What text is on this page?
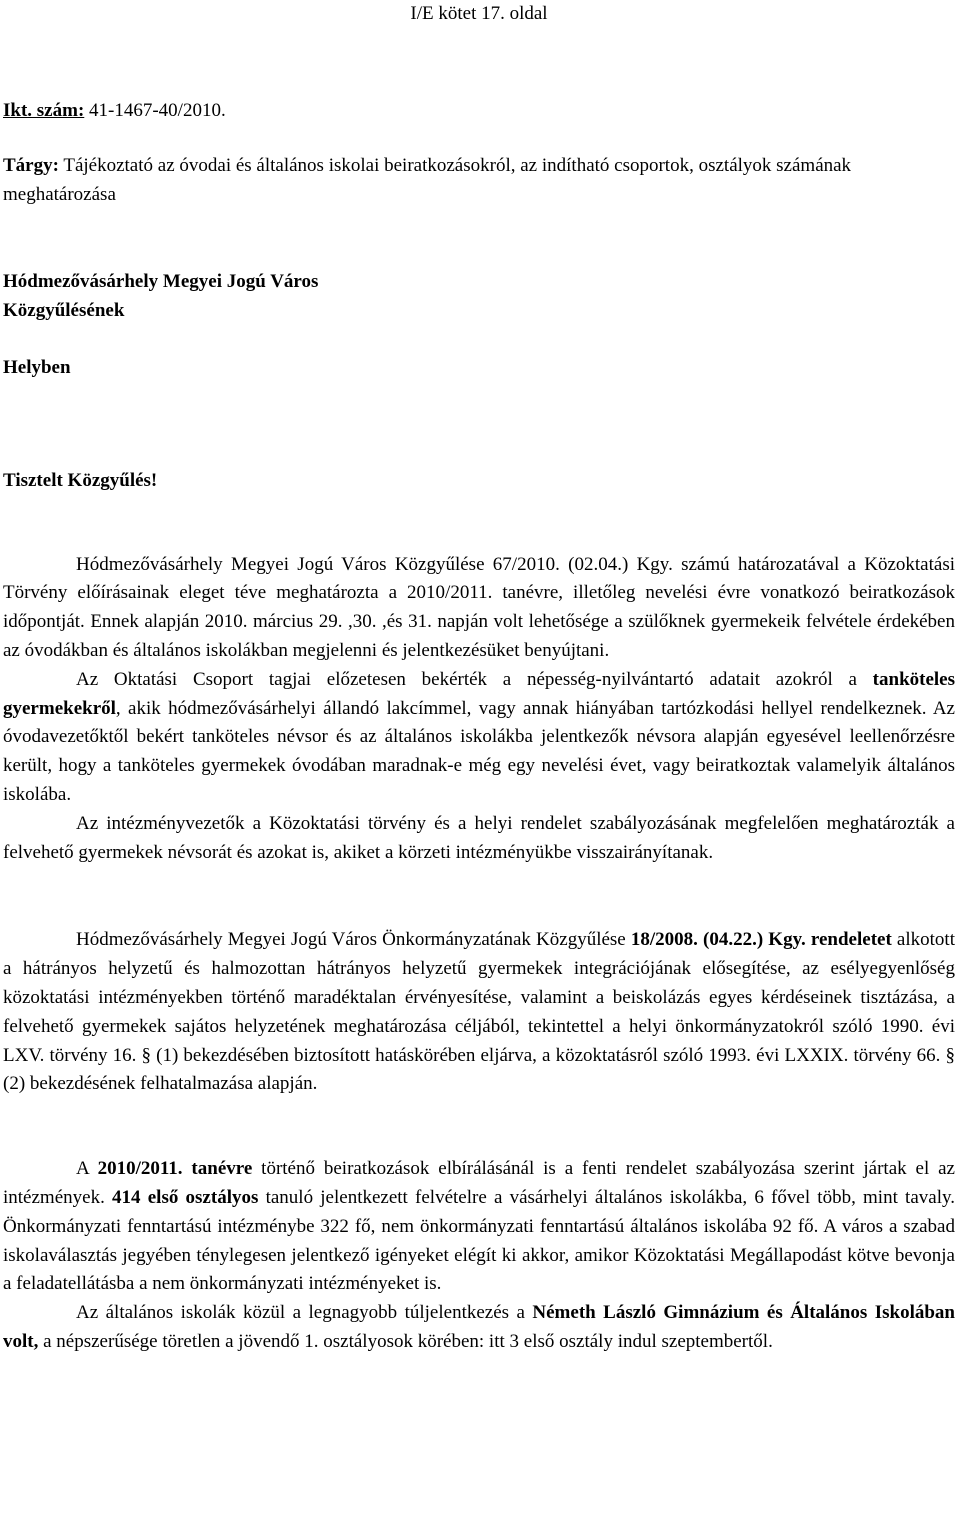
I/E kötet 17. oldal

Ikt. szám: 41-1467-40/2010.

Tárgy: Tájékoztató az óvodai és általános iskolai beiratkozásokról, az indítható csoportok, osztályok számának meghatározása

Hódmezővásárhely Megyei Jogú Város

Közgyűlésének

Helyben

Tisztelt Közgyűlés!

Hódmezővásárhely Megyei Jogú Város Közgyűlése 67/2010. (02.04.) Kgy. számú határozatával a Közoktatási Törvény előírásainak eleget téve meghatározta a 2010/2011. tanévre, illetőleg nevelési évre vonatkozó beiratkozások időpontját. Ennek alapján 2010. március 29. ,30. ,és 31. napján volt lehetősége a szülőknek gyermekeik felvétele érdekében az óvodákban és általános iskolákban megjelenni és jelentkezésüket benyújtani.

Az Oktatási Csoport tagjai előzetesen bekérték a népesség-nyilvántartó adatait azokról a tanköteles gyermekekről, akik hódmezővásárhelyi állandó lakcímmel, vagy annak hiányában tartózkodási hellyel rendelkeznek. Az óvodavezetőktől bekért tanköteles névsor és az általános iskolákba jelentkezők névsora alapján egyesével leellenőrzésre került, hogy a tanköteles gyermekek óvodában maradnak-e még egy nevelési évet, vagy beiratkoztak valamelyik általános iskolába.

Az intézményvezetők a Közoktatási törvény és a helyi rendelet szabályozásának megfelelően meghatározták a felvehető gyermekek névsorát és azokat is, akiket a körzeti intézményükbe visszairányítanak.

Hódmezővásárhely Megyei Jogú Város Önkormányzatának Közgyűlése 18/2008. (04.22.) Kgy. rendeletet alkotott a hátrányos helyzetű és halmozottan hátrányos helyzetű gyermekek integrációjának elősegítése, az esélyegyenlőség közoktatási intézményekben történő maradéktalan érvényesítése, valamint a beiskolázás egyes kérdéseinek tisztázása, a felvehető gyermekek sajátos helyzetének meghatározása céljából, tekintettel a helyi önkormányzatokról szóló 1990. évi LXV. törvény 16. § (1) bekezdésében biztosított hatáskörében eljárva, a közoktatásról szóló 1993. évi LXXIX. törvény 66. § (2) bekezdésének felhatalmazása alapján.

A 2010/2011. tanévre történő beiratkozások elbírálásánál is a fenti rendelet szabályozása szerint jártak el az intézmények. 414 első osztályos tanuló jelentkezett felvételre a vásárhelyi általános iskolákba, 6 fővel több, mint tavaly. Önkormányzati fenntartású intézménybe 322 fő, nem önkormányzati fenntartású általános iskolába 92 fő. A város a szabad iskolaválasztás jegyében ténylegesen jelentkező igényeket elégít ki akkor, amikor Közoktatási Megállapodást kötve bevonja a feladatellátásba a nem önkormányzati intézményeket is.

Az általános iskolák közül a legnagyobb túljelentkezés a Németh László Gimnázium és Általános Iskolában volt, a népszerűsége töretlen a jövendő 1. osztályosok körében: itt 3 első osztály indul szeptembertől.
